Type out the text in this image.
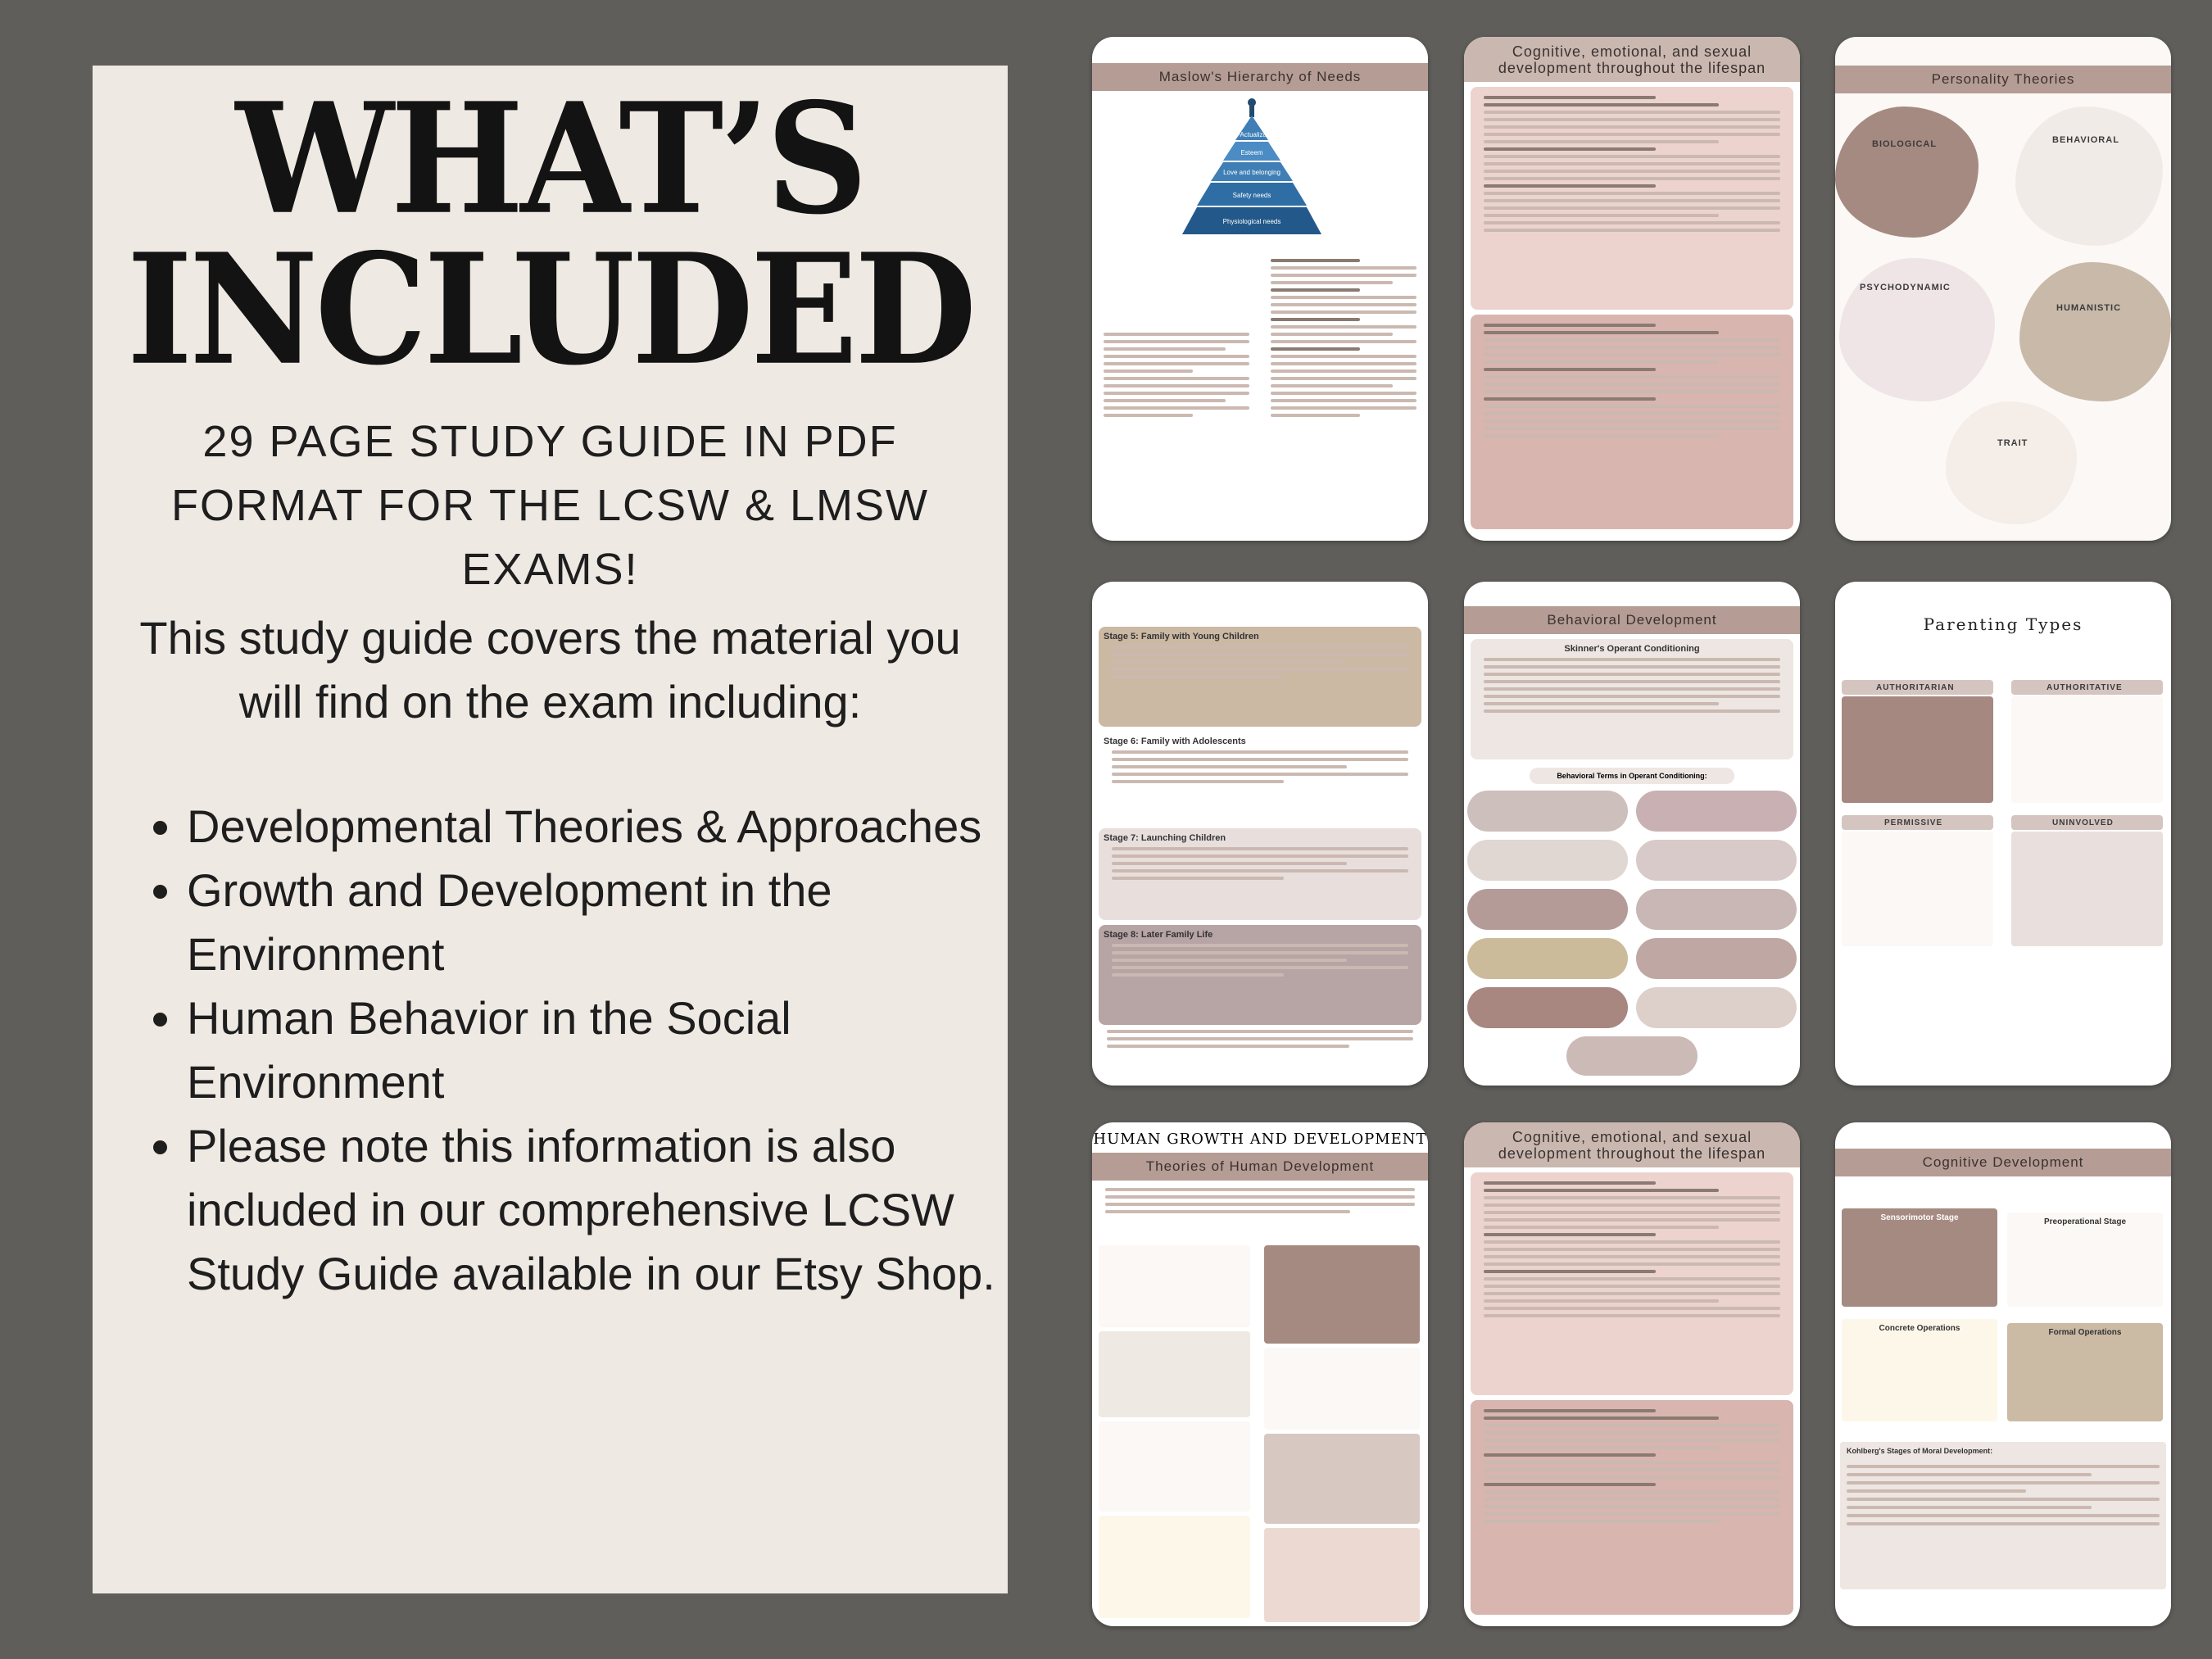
WHAT’S
INCLUDED
29 PAGE STUDY GUIDE IN PDF FORMAT FOR THE LCSW & LMSW EXAMS!
This study guide covers the material you will find on the exam including:
• Developmental Theories & Approaches
• Growth and Development in the Environment
• Human Behavior in the Social Environment
• Please note this information is also included in our comprehensive LCSW Study Guide available in our Etsy Shop.
Maslow's Hierarchy of Needs
Self-Actualization
Esteem
Love and belonging
Safety needs
Physiological needs
Cognitive, emotional, and sexual development throughout the lifespan
Personality Theories
BIOLOGICAL	BEHAVIORAL
PSYCHODYNAMIC
HUMANISTIC
TRAIT
Stage 5: Family with Young Children
Stage 6: Family with Adolescents
Stage 7: Launching Children
Stage 8: Later Family Life
Behavioral Development
Skinner's Operant Conditioning
Behavioral Terms in Operant Conditioning:
Parenting Types
AUTHORITARIAN	AUTHORITATIVE
PERMISSIVE	UNINVOLVED
HUMAN GROWTH AND DEVELOPMENT
Theories of Human Development
Cognitive, emotional, and sexual development throughout the lifespan
Cognitive Development
Sensorimotor Stage	Preoperational Stage
Concrete Operations	Formal Operations
Kohlberg's Stages of Moral Development:
